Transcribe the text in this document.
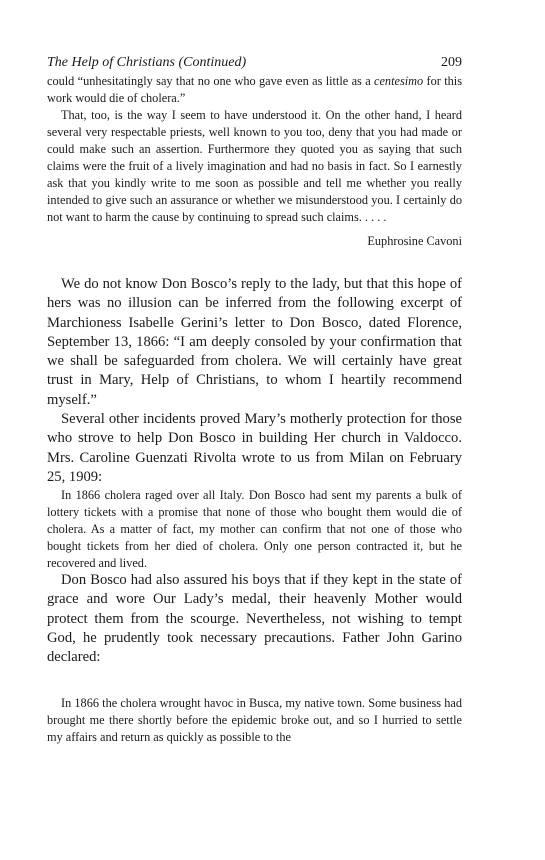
The Help of Christians (Continued)	209

could “unhesitatingly say that no one who gave even as little as a centesimo for this work would die of cholera.”

That, too, is the way I seem to have understood it. On the other hand, I heard several very respectable priests, well known to you too, deny that you had made or could make such an assertion. Furthermore they quoted you as saying that such claims were the fruit of a lively imagination and had no basis in fact. So I earnestly ask that you kindly write to me soon as possible and tell me whether you really intended to give such an assurance or whether we misunderstood you. I certainly do not want to harm the cause by continuing to spread such claims. . . . .

Euphrosine Cavoni

We do not know Don Bosco’s reply to the lady, but that this hope of hers was no illusion can be inferred from the following excerpt of Marchioness Isabelle Gerini’s letter to Don Bosco, dated Florence, September 13, 1866: “I am deeply consoled by your confirmation that we shall be safeguarded from cholera. We will certainly have great trust in Mary, Help of Christians, to whom I heartily recommend myself.”

Several other incidents proved Mary’s motherly protection for those who strove to help Don Bosco in building Her church in Valdocco. Mrs. Caroline Guenzati Rivolta wrote to us from Milan on February 25, 1909:

In 1866 cholera raged over all Italy. Don Bosco had sent my parents a bulk of lottery tickets with a promise that none of those who bought them would die of cholera. As a matter of fact, my mother can confirm that not one of those who bought tickets from her died of cholera. Only one person contracted it, but he recovered and lived.

Don Bosco had also assured his boys that if they kept in the state of grace and wore Our Lady’s medal, their heavenly Mother would protect them from the scourge. Nevertheless, not wishing to tempt God, he prudently took necessary precautions. Father John Garino declared:

In 1866 the cholera wrought havoc in Busca, my native town. Some business had brought me there shortly before the epidemic broke out, and so I hurried to settle my affairs and return as quickly as possible to the
